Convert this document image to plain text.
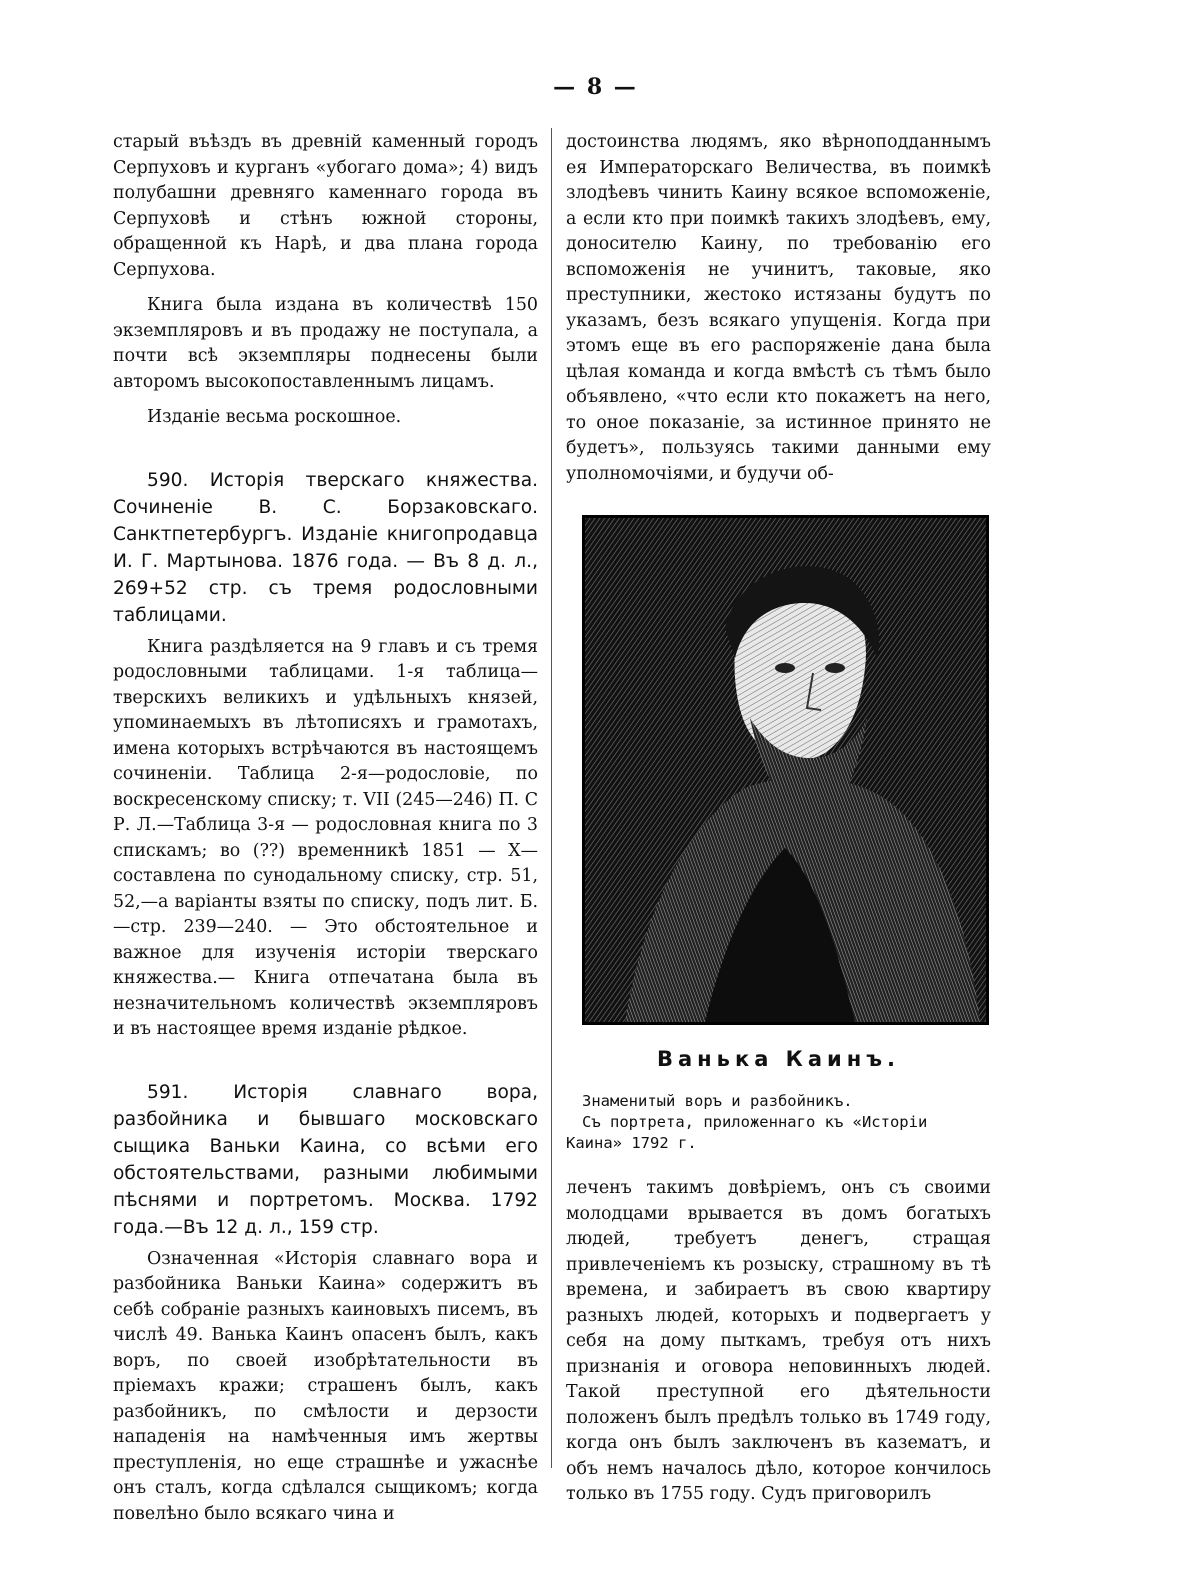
— 8 —

старый въѣздъ въ древній каменный городъ Серпуховъ и курганъ «убогаго дома»; 4) видъ полубашни древняго каменнаго города въ Серпуховѣ и стѣнъ южной стороны, обращенной къ Нарѣ, и два плана города Серпухова.

Книга была издана въ количествѣ 150 экземпляровъ и въ продажу не поступала, а почти всѣ экземпляры поднесены были авторомъ высокопоставленнымъ лицамъ.

Изданіе весьма роскошное.

590. Исторія тверскаго княжества. Сочиненіе В. С. Борзаковскаго. Санктпетербургъ. Изданіе книгопродавца И. Г. Мартынова. 1876 года. — Въ 8 д. л., 269+52 стр. съ тремя родословными таблицами.

Книга раздѣляется на 9 главъ и съ тремя родословными таблицами. 1-я таблица—тверскихъ великихъ и удѣльныхъ князей, упоминаемыхъ въ лѣтописяхъ и грамотахъ, имена которыхъ встрѣчаются въ настоящемъ сочиненіи. Таблица 2-я—родословіе, по воскресенскому списку; т. VII (245—246) П. С Р. Л.—Таблица 3-я — родословная книга по 3 спискамъ; во (??) временникѣ 1851 — X— составлена по cунодальному списку, стр. 51, 52,—а варіанты взяты по списку, подъ лит. Б.—стр. 239—240. — Это обстоятельное и важное для изученія исторіи тверскаго княжества.— Книга отпечатана была въ незначительномъ количествѣ экземпляровъ и въ настоящее время изданіе рѣдкое.

591. Исторія славнаго вора, разбойника и бывшаго московскаго сыщика Ваньки Каина, со всѣми его обстоятельствами, разными любимыми пѣснями и портретомъ. Москва. 1792 года.—Въ 12 д. л., 159 стр.

Означенная «Исторія славнаго вора и разбойника Ваньки Каина» содержитъ въ себѣ собраніе разныхъ каиновыхъ писемъ, въ числѣ 49. Ванька Каинъ опасенъ былъ, какъ воръ, по своей изобрѣтательности въ пріемахъ кражи; страшенъ былъ, какъ разбойникъ, по смѣлости и дерзости нападенія на намѣченныя имъ жертвы преступленія, но еще страшнѣе и ужаснѣе онъ сталъ, когда сдѣлался сыщикомъ; когда повелѣно было всякаго чина и

достоинства людямъ, яко вѣрноподданнымъ ея Императорскаго Величества, въ поимкѣ злодѣевъ чинить Каину всякое вспоможеніе, а если кто при поимкѣ такихъ злодѣевъ, ему, доносителю Каину, по требованію его вспоможенія не учинитъ, таковые, яко преступники, жестоко истязаны будутъ по указамъ, безъ всякаго упущенія. Когда при этомъ еще въ его распоряженіе дана была цѣлая команда и когда вмѣстѣ съ тѣмъ было объявлено, «что если кто покажетъ на него, то оное показаніе, за истинное принято не будетъ», пользуясь такими данными ему уполномочіями, и будучи об-

Ванька Каинъ.

Знаменитый воръ и разбойникъ.

Съ портрета, приложеннаго къ «Исторіи Каина» 1792 г.

леченъ такимъ довѣріемъ, онъ съ своими молодцами врывается въ домъ богатыхъ людей, требуетъ денегъ, стращая привлеченіемъ къ розыску, страшному въ тѣ времена, и забираетъ въ свою квартиру разныхъ людей, которыхъ и подвергаетъ у себя на дому пыткамъ, требуя отъ нихъ признанія и оговора неповинныхъ людей. Такой преступной его дѣятельности положенъ былъ предѣлъ только въ 1749 году, когда онъ былъ заключенъ въ казематъ, и объ немъ началось дѣло, которое кончилось только въ 1755 году. Судъ приговорилъ
